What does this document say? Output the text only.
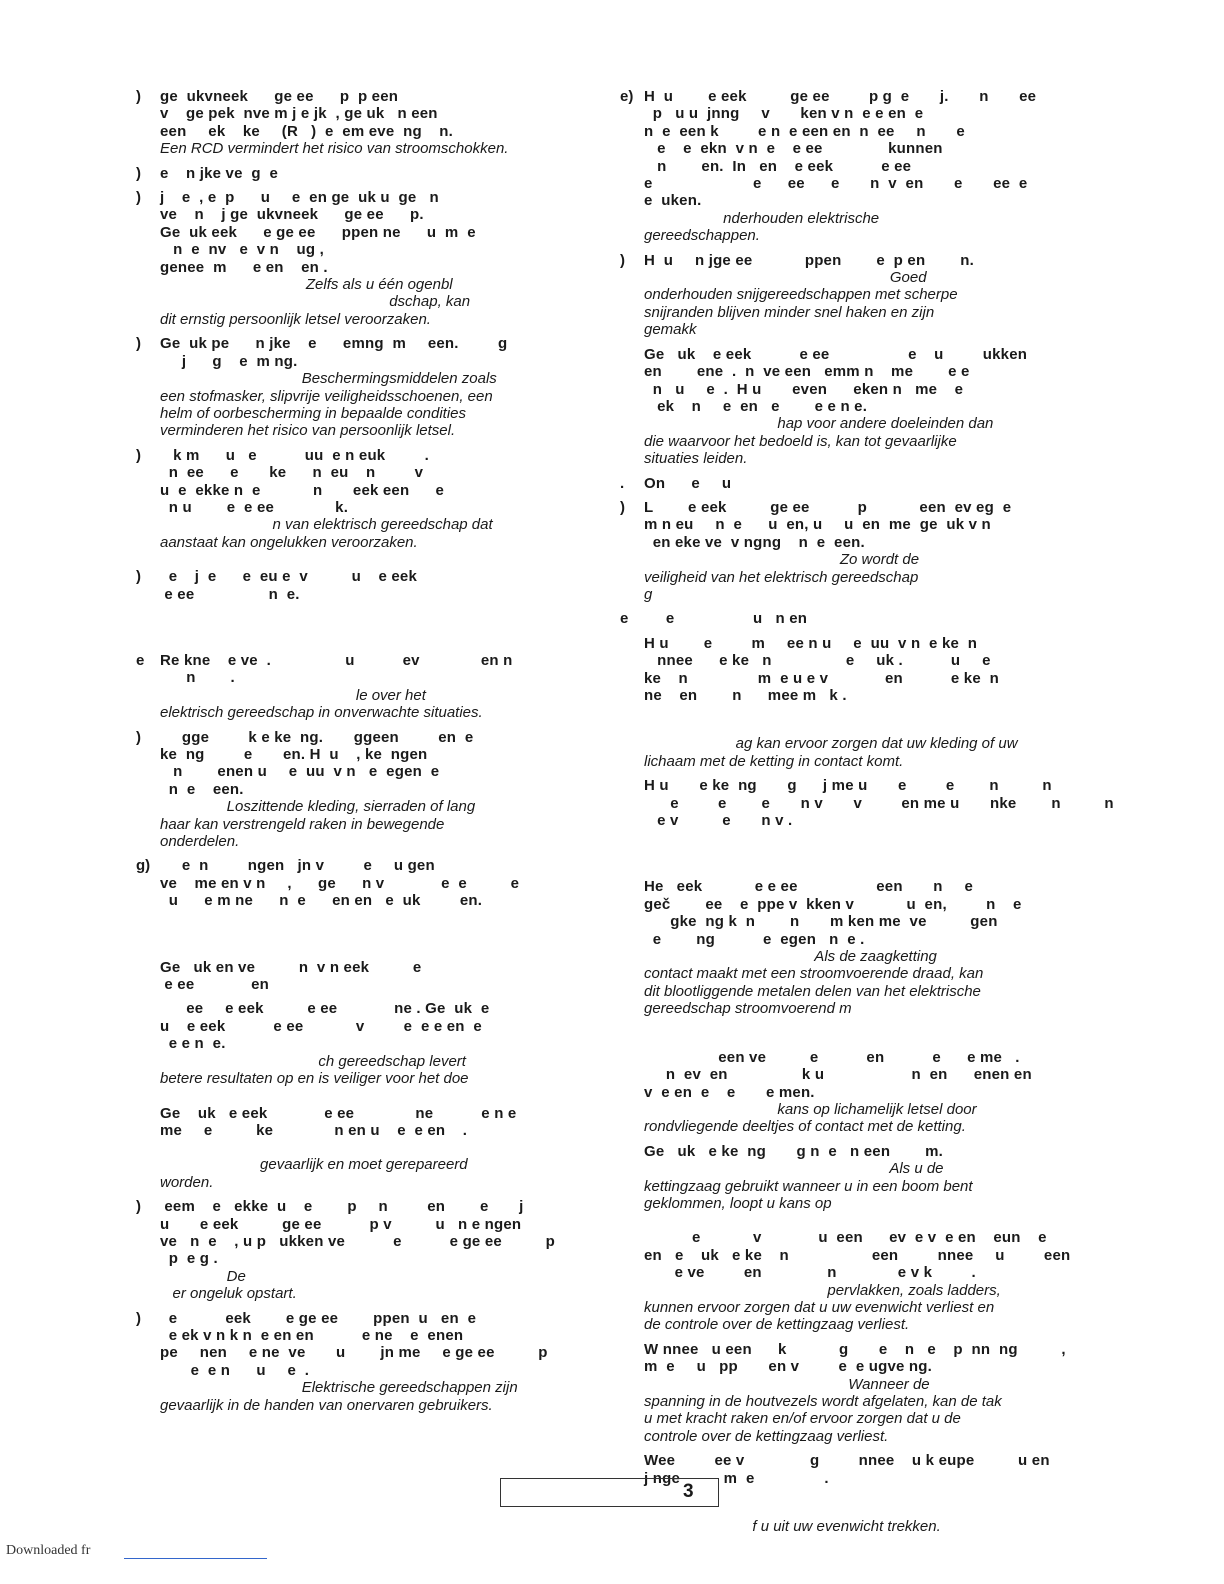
) ge  ukvneek      ge ee      p  p een
v    ge pek  nve m j e jk  , ge uk   n een
een     ek    ke     (R   )  e  em eve  ng    n.
Een RCD vermindert het risico van stroomschokken.
) e    n jke ve  g  e
) j    e  , e  p      u     e  en ge  uk u  ge   n
ve    n    j ge  ukvneek      ge ee      p.
Ge  uk eek      e ge ee      ppen ne      u  m  e
n  e  nv   e  v n    ug ,
genee  m      e en    en .
Zelfs als u één ogenbl
dschap, kan
dit ernstig persoonlijk letsel veroorzaken.
) Ge  uk pe      n jke    e      emng  m     een.         g
j      g    e  m ng.
Beschermingsmiddelen zoals
een stofmasker, slipvrije veiligheidsschoenen, een
helm of oorbescherming in bepaalde condities
verminderen het risico van persoonlijk letsel.
) k m      u   e           uu  e n euk         .
n  ee      e       ke      n  eu    n         v
u  e  ekke n  e            n       eek een      e
n u        e  e ee              k.
n van elektrisch gereedschap dat
aanstaat kan ongelukken veroorzaken.
) e    j  e      e  eu e  v          u    e eek
e ee                 n  e.
e Re kne    e ve  .                 u           ev              en n
n        .
le over het
elektrisch gereedschap in onverwachte situaties.
) gge         k e ke  ng.       ggeen         en  e
ke  ng         e       en. H  u    , ke  ngen
n        enen u     e  uu  v n   e  egen  e
n  e    een.
Loszittende kleding, sierraden of lang
haar kan verstrengeld raken in bewegende
onderdelen.
g) e  n         ngen   jn v         e     u gen
ve    me en v n     ,      ge      n v             e  e          e
u      e m ne      n  e      en en   e  uk         en.
Ge   uk en ve          n  v n eek          e
e ee             en
ee     e eek          e ee             ne . Ge  uk  e
u    e eek           e ee            v         e  e e en  e
e e n  e.
ch gereedschap levert
betere resultaten op en is veiliger voor het doe
Ge    uk   e eek             e ee              ne           e n e
me     e          ke              n en u    e  e en    .
gevaarlijk en moet gerepareerd
worden.
) eem    e   ekke  u    e        p     n         en        e       j
u       e eek          ge ee           p v          u   n e ngen
ve   n  e    , u p   ukken ve           e           e ge ee          p
p  e g .
De
er ongeluk opstart.
) e           eek        e ge ee        ppen  u   en  e
e ek v n k n  e en en           e ne    e  enen
pe     nen     e ne  ve       u        jn me     e ge ee          p
e  e n      u     e  .
Elektrische gereedschappen zijn
gevaarlijk in de handen van onervaren gebruikers.
e) H  u        e eek          ge ee         p g  e       j.       n       ee
p   u u  jnng     v       ken v n  e e en  e
n  e  een k         e n  e een en  n  ee     n       e
e    e  ekn  v n  e    e ee               kunnen
n        en.  In   en    e eek           e ee
e                       e      ee      e       n  v  en       e       ee  e
e  uken.
nderhouden elektrische
gereedschappen.
) H  u     n jge ee            ppen        e  p en        n.
Goed
onderhouden snijgereedschappen met scherpe
snijranden blijven minder snel haken en zijn
gemakk
Ge   uk    e eek           e ee                  e    u         ukken
en        ene  .  n  ve een   emm n    me        e e
n   u     e  .  H u       even      eken n   me    e
ek    n     e  en   e        e e n e.
hap voor andere doeleinden dan
die waarvoor het bedoeld is, kan tot gevaarlijke
situaties leiden.
. On      e     u
) L        e eek          ge ee           p            een  ev eg  e
m n eu     n  e      u  en, u     u  en  me  ge  uk v n
en eke ve  v ngng    n  e  een.
Zo wordt de
veiligheid van het elektrisch gereedschap
g
e e                  u   n en
H u        e         m     ee n u     e  uu  v n  e ke  n
nnee      e ke   n                 e     uk .           u     e
ke    n                m  e u e v             en           e ke  n
ne    en        n      mee m   k .
ag kan ervoor zorgen dat uw kleding of uw
lichaam met de ketting in contact komt.
H u       e ke  ng       g      j me u       e         e        n          n
e         e        e       n v       v         en me u       nke        n          n
e v          e       n v .
He   eek            e e ee                  een       n     e
geč        ee    e  ppe v  kken v            u  en,         n    e
gke  ng k  n        n       m ken me  ve          gen
e        ng           e  egen   n  e .
Als de zaagketting
contact maakt met een stroomvoerende draad, kan
dit blootliggende metalen delen van het elektrische
gereedschap stroomvoerend m
een ve          e           en           e      e me   .
n  ev  en                 k u                    n  en      enen en
v  e en  e    e       e men.
kans op lichamelijk letsel door
rondvliegende deeltjes of contact met de ketting.
Ge   uk   e ke  ng       g n  e   n een        m.
Als u de
kettingzaag gebruikt wanneer u in een boom bent
geklommen, loopt u kans op
e            v             u  een      ev  e v  e en    eun    e
en   e    uk   e ke    n                   een         nnee     u         een
e ve         en               n              e v k         .
pervlakken, zoals ladders,
kunnen ervoor zorgen dat u uw evenwicht verliest en
de controle over de kettingzaag verliest.
W nnee   u een      k            g       e    n   e    p  nn  ng          ,
m  e     u   pp       en v         e  e ugve ng.
Wanneer de
spanning in de houtvezels wordt afgelaten, kan de tak
u met kracht raken en/of ervoor zorgen dat u de
controle over de kettingzaag verliest.
Wee         ee v               g         nnee    u k eupe          u en
j nge          m  e                .
f u uit uw evenwicht trekken.
3
Downloaded fr
